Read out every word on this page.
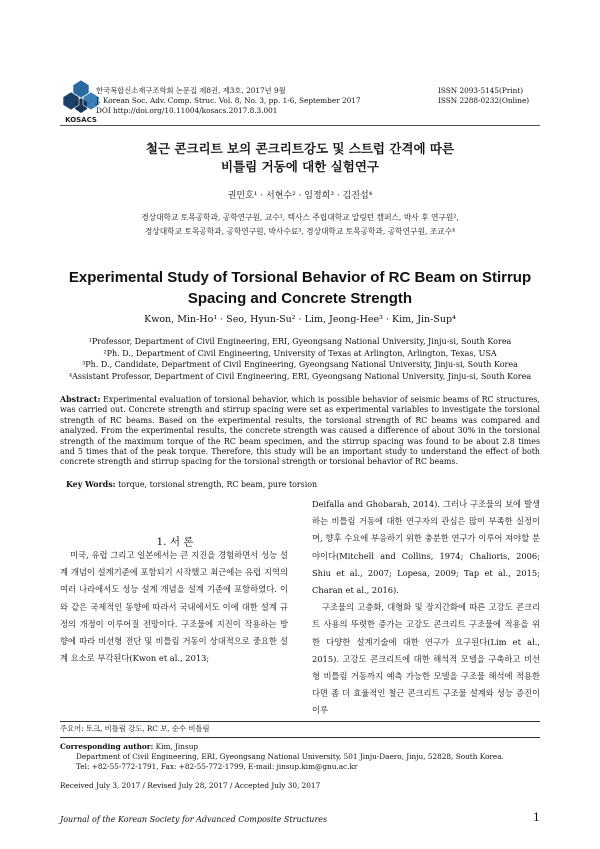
KOSACS
한국복합신소재구조학회 논문집 제8권, 제3호, 2017년 9월
J. Korean Soc. Adv. Comp. Struc. Vol. 8, No. 3, pp. 1-6, September 2017
DOI http://doi.org/10.11004/kosacs.2017.8.3.001
ISSN 2093-5145(Print)
ISSN 2288-0232(Online)
철근 콘크리트 보의 콘크리트강도 및 스트럽 간격에 따른
비틀림 거동에 대한 실험연구
권민호¹ · 서현수² · 임정희³ · 김진섭⁴
경상대학교 토목공학과, 공학연구원, 교수¹, 텍사스 주립대학교 알링턴 캠퍼스, 박사 후 연구원²,
경상대학교 토목공학과, 공학연구원, 박사수료³, 경상대학교 토목공학과, 공학연구원, 조교수⁴
Experimental Study of Torsional Behavior of RC Beam on Stirrup
Spacing and Concrete Strength
Kwon, Min-Ho¹ · Seo, Hyun-Su² · Lim, Jeong-Hee³ · Kim, Jin-Sup⁴
¹Professor, Department of Civil Engineering, ERI, Gyeongsang National University, Jinju-si, South Korea
²Ph. D., Department of Civil Engineering, University of Texas at Arlington, Arlington, Texas, USA
³Ph. D., Candidate, Department of Civil Engineering, Gyeongsang National University, Jinju-si, South Korea
⁴Assistant Professor, Department of Civil Engineering, ERI, Gyeongsang National University, Jinju-si, South Korea
Abstract: Experimental evaluation of torsional behavior, which is possible behavior of seismic beams of RC structures, was carried out. Concrete strength and stirrup spacing were set as experimental variables to investigate the torsional strength of RC beams. Based on the experimental results, the torsional strength of RC beams was compared and analyzed. From the experimental results, the concrete strength was caused a difference of about 30% in the torsional strength of the maximum torque of the RC beam specimen, and the stirrup spacing was found to be about 2.8 times and 5 times that of the peak torque. Therefore, this study will be an important study to understand the effect of both concrete strength and stirrup spacing for the torsional strength or torsional behavior of RC beams.
Key Words: torque, torsional strength, RC beam, pure torsion
1. 서 론

미국, 유럽 그리고 일본에서는 큰 지진을 경험하면서 성능 설계 개념이 설계기준에 포함되기 시작했고 최근에는 유럽 지역의 여러 나라에서도 성능 설계 개념을 설계 기준에 포함하였다. 이와 같은 국제적인 동향에 따라서 국내에서도 이에 대한 설계 규정의 개정이 이루어질 전망이다. 구조물에 지진이 작용하는 방향에 따라 비선형 전단 및 비틀림 거동이 상대적으로 중요한 설계 요소로 부각된다(Kwon et al., 2013;

Deifalla and Ghobarah, 2014). 그러나 구조물의 보에 발생하는 비틀림 거동에 대한 연구자의 관심은 많이 부족한 실정이며, 향후 수요에 부응하기 위한 충분한 연구가 이루어 져야할 분야이다(Mitchell and Collins, 1974; Chalioris, 2006; Shiu et al., 2007; Lopesa, 2009; Tap et al., 2015; Charan et al., 2016).

구조물의 고층화, 대형화 및 장지간화에 따른 고강도 콘크리트 사용의 뚜렷한 증가는 고강도 콘크리트 구조물에 적용을 위한 다양한 설계기술에 대한 연구가 요구된다(Lim et al., 2015). 고강도 콘크리트에 대한 해석적 모델을 구축하고 비선형 비틀림 거동까지 예측 가능한 모델을 구조물 해석에 적용한다면 좀 더 효율적인 철근 콘크리트 구조물 설계와 성능 증진이 이루

주요어: 토크, 비틀림 강도, RC 보, 순수 비틀림
Corresponding author: Kim, Jinsup
Department of Civil Engineering, ERI, Gyeongsang National University, 501 Jinju-Daero, Jinju, 52828, South Korea.
Tel: +82-55-772-1791, Fax: +82-55-772-1799, E-mail: jinsup.kim@gnu.ac.kr
Received July 3, 2017 / Revised July 28, 2017 / Accepted July 30, 2017
Journal of the Korean Society for Advanced Composite Structures	1
